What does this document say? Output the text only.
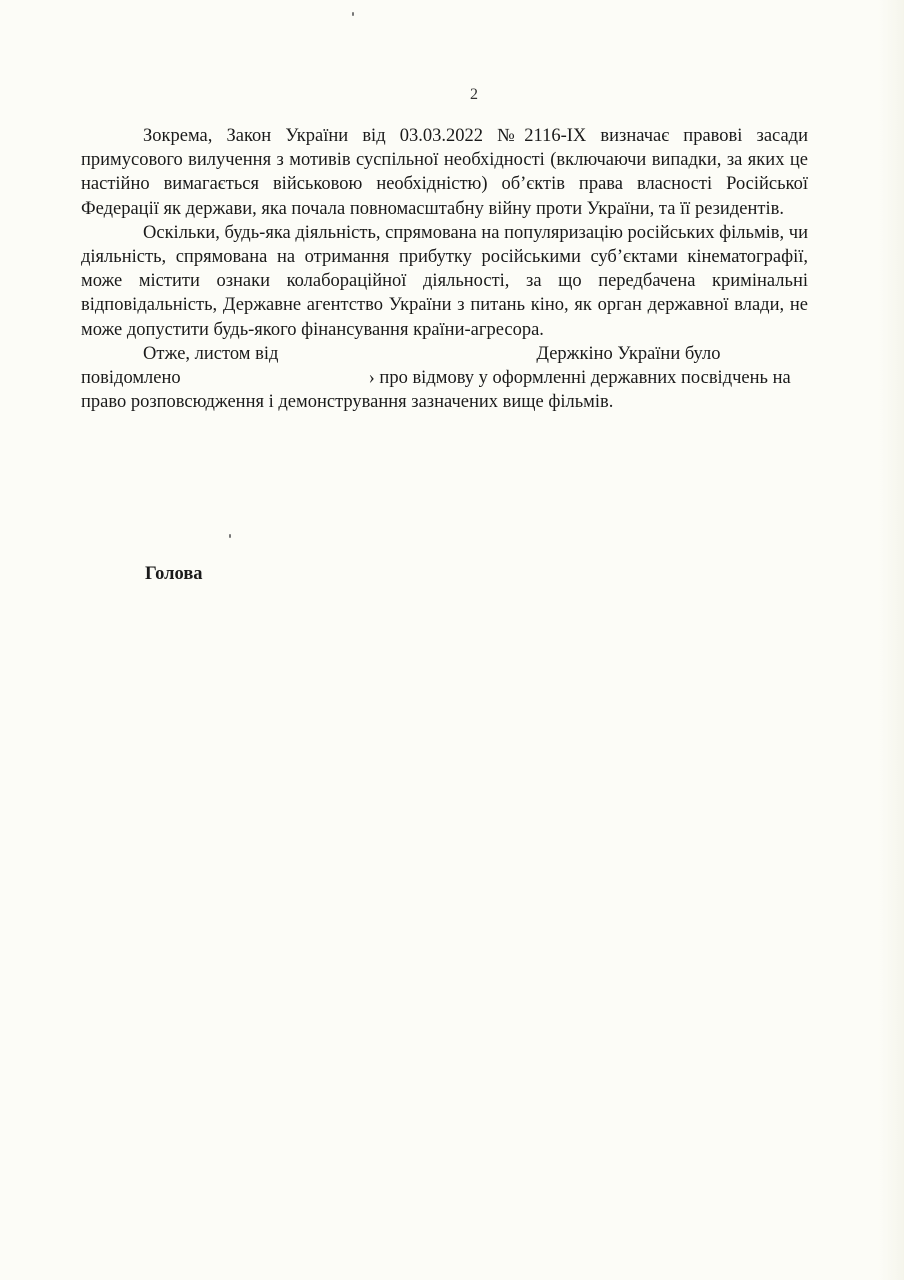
2

Зокрема, Закон України від 03.03.2022 №2116-IX визначає правові засади примусового вилучення з мотивів суспільної необхідності (включаючи випадки, за яких це настійно вимагається військовою необхідністю) об’єктів права власності Російської Федерації як держави, яка почала повномасштабну війну проти України, та її резидентів.

Оскільки, будь-яка діяльність, спрямована на популяризацію російських фільмів, чи діяльність, спрямована на отримання прибутку російськими суб’єктами кінематографії, може містити ознаки колабораційної діяльності, за що передбачена кримінальні відповідальність, Державне агентство України з питань кіно, як орган державної влади, не може допустити будь-якого фінансування країни-агресора.

Отже, листом від	Держкіно України було повідомлено	› про відмову у оформленні державних посвідчень на право розповсюдження і демонстрування зазначених вище фільмів.

Голова
